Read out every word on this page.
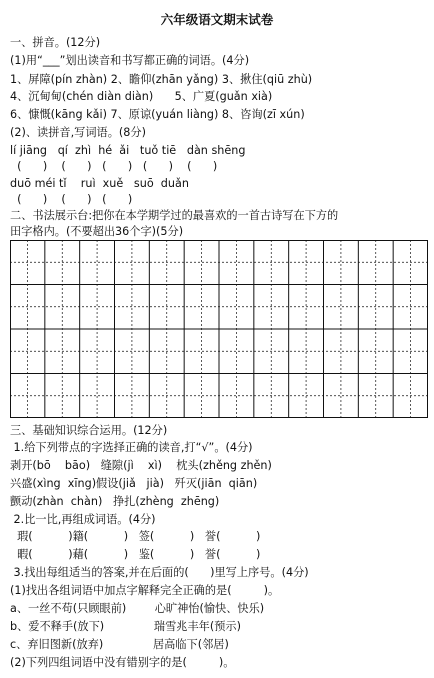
六年级语文期末试卷
一、拼音。(12分)
(1)用“___”划出读音和书写都正确的词语。(4分)
1、屏障(pín zhàn) 2、瞻仰(zhān yǎng) 3、揪住(qiū zhù)
4、沉甸甸(chén diàn diàn)      5、广夏(guǎn xià)
6、慷慨(kāng kǎi) 7、原谅(yuán liàng) 8、咨询(zī xún)
(2)、读拼音,写词语。(8分)
lí jiāng   qí  zhì  hé  ǎi   tuǒ tiē   dàn shēng
(      )    (      )   (      )   (      )    (      )
duō méi tǐ    ruì  xuě   suō  duǎn
(      )    (      )   (      )
二、书法展示台:把你在本学期学过的最喜欢的一首古诗写在下方的
田字格内。(不要超出36个字)(5分)
三、基础知识综合运用。(12分)
1.给下列带点的字选择正确的读音,打“√”。(4分)
剥开(bō    bāo)   缝隙(jì    xì)    枕头(zhěng zhěn)
兴盛(xìng  xīng)假设(jiǎ   jià)   歼灭(jiān  qiān)
颤动(zhàn  chàn)   挣扎(zhèng  zhēng)
2.比一比,再组成词语。(4分)
瑕(          )籍(          )   签(          )   誉(          )
暇(          )藉(          )   鉴(          )   誉(          )
3.找出每组适当的答案,并在后面的(      )里写上序号。(4分)
(1)找出各组词语中加点字解释完全正确的是(         )。
a、一丝不苟(只顾眼前)        心旷神怡(愉快、快乐)
b、爱不释手(放下)              瑞雪兆丰年(预示)
c、弃旧图新(放弃)              居高临下(邻居)
(2)下列四组词语中没有错别字的是(         )。
